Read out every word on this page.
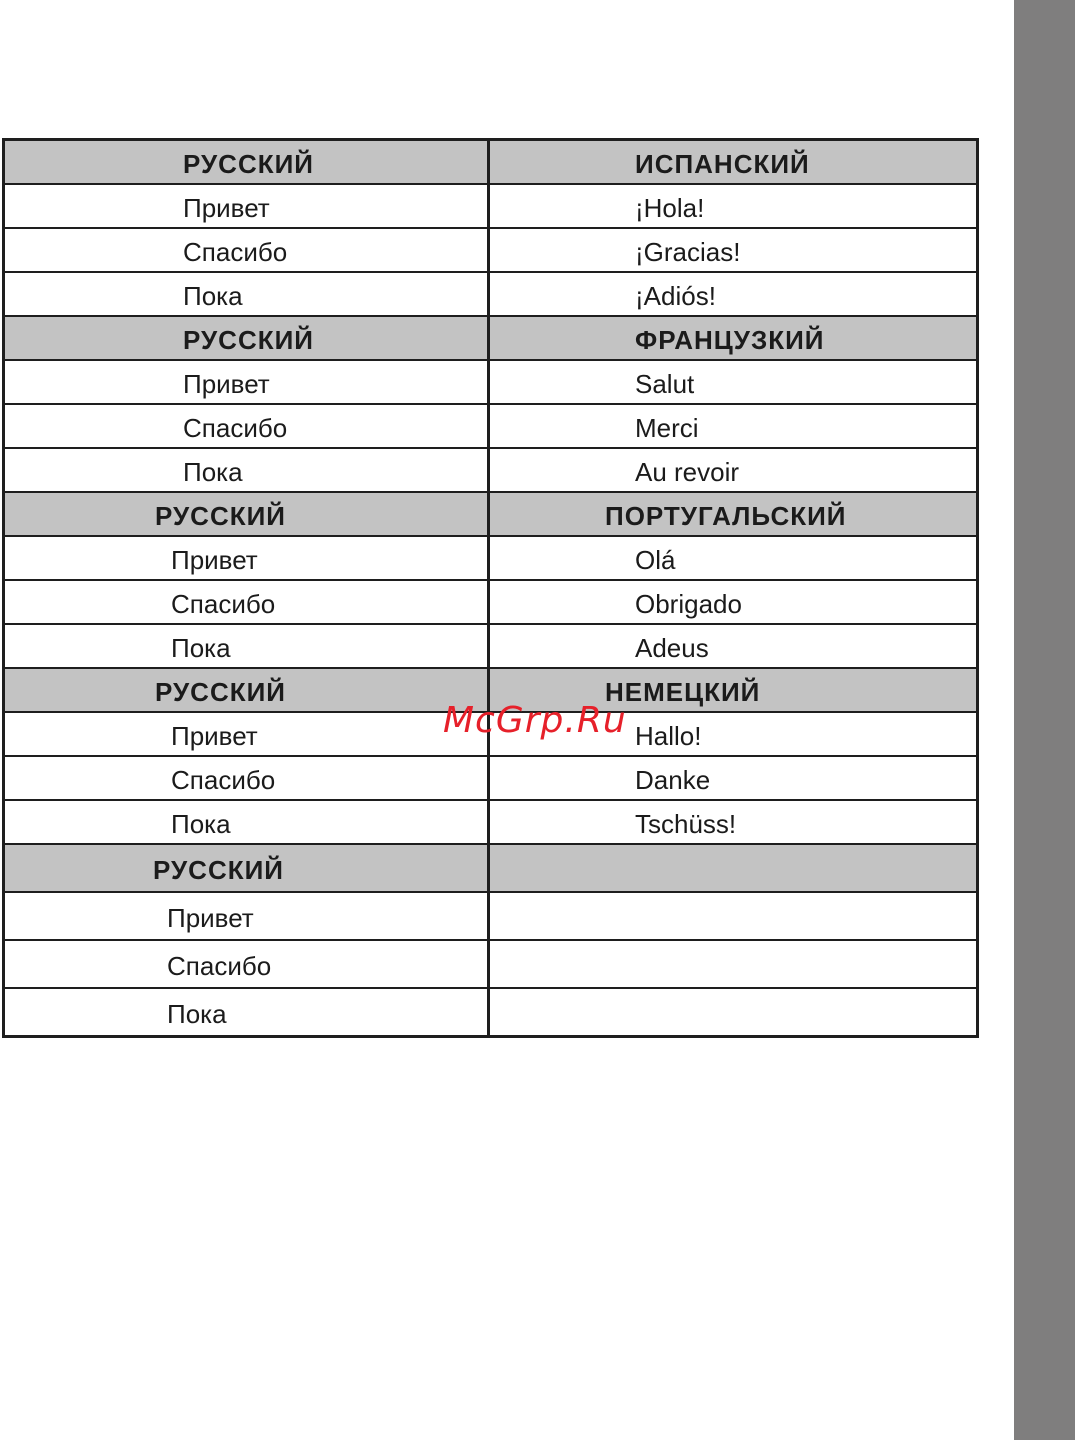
РУССКИЙ	ИСПАНСКИЙ
Привет	¡Hola!
Спасибо	¡Gracias!
Пока	¡Adiós!
РУССКИЙ	ФРАНЦУЗКИЙ
Привет	Salut
Спасибо	Merci
Пока	Au revoir
РУССКИЙ	ПОРТУГАЛЬСКИЙ
Привет	Olá
Спасибо	Obrigado
Пока	Adeus
РУССКИЙ	НЕМЕЦКИЙ
Привет	Hallo!
Спасибо	Danke
Пока	Tschüss!
РУССКИЙ
Привет
Спасибо
Пока
McGrp.Ru
